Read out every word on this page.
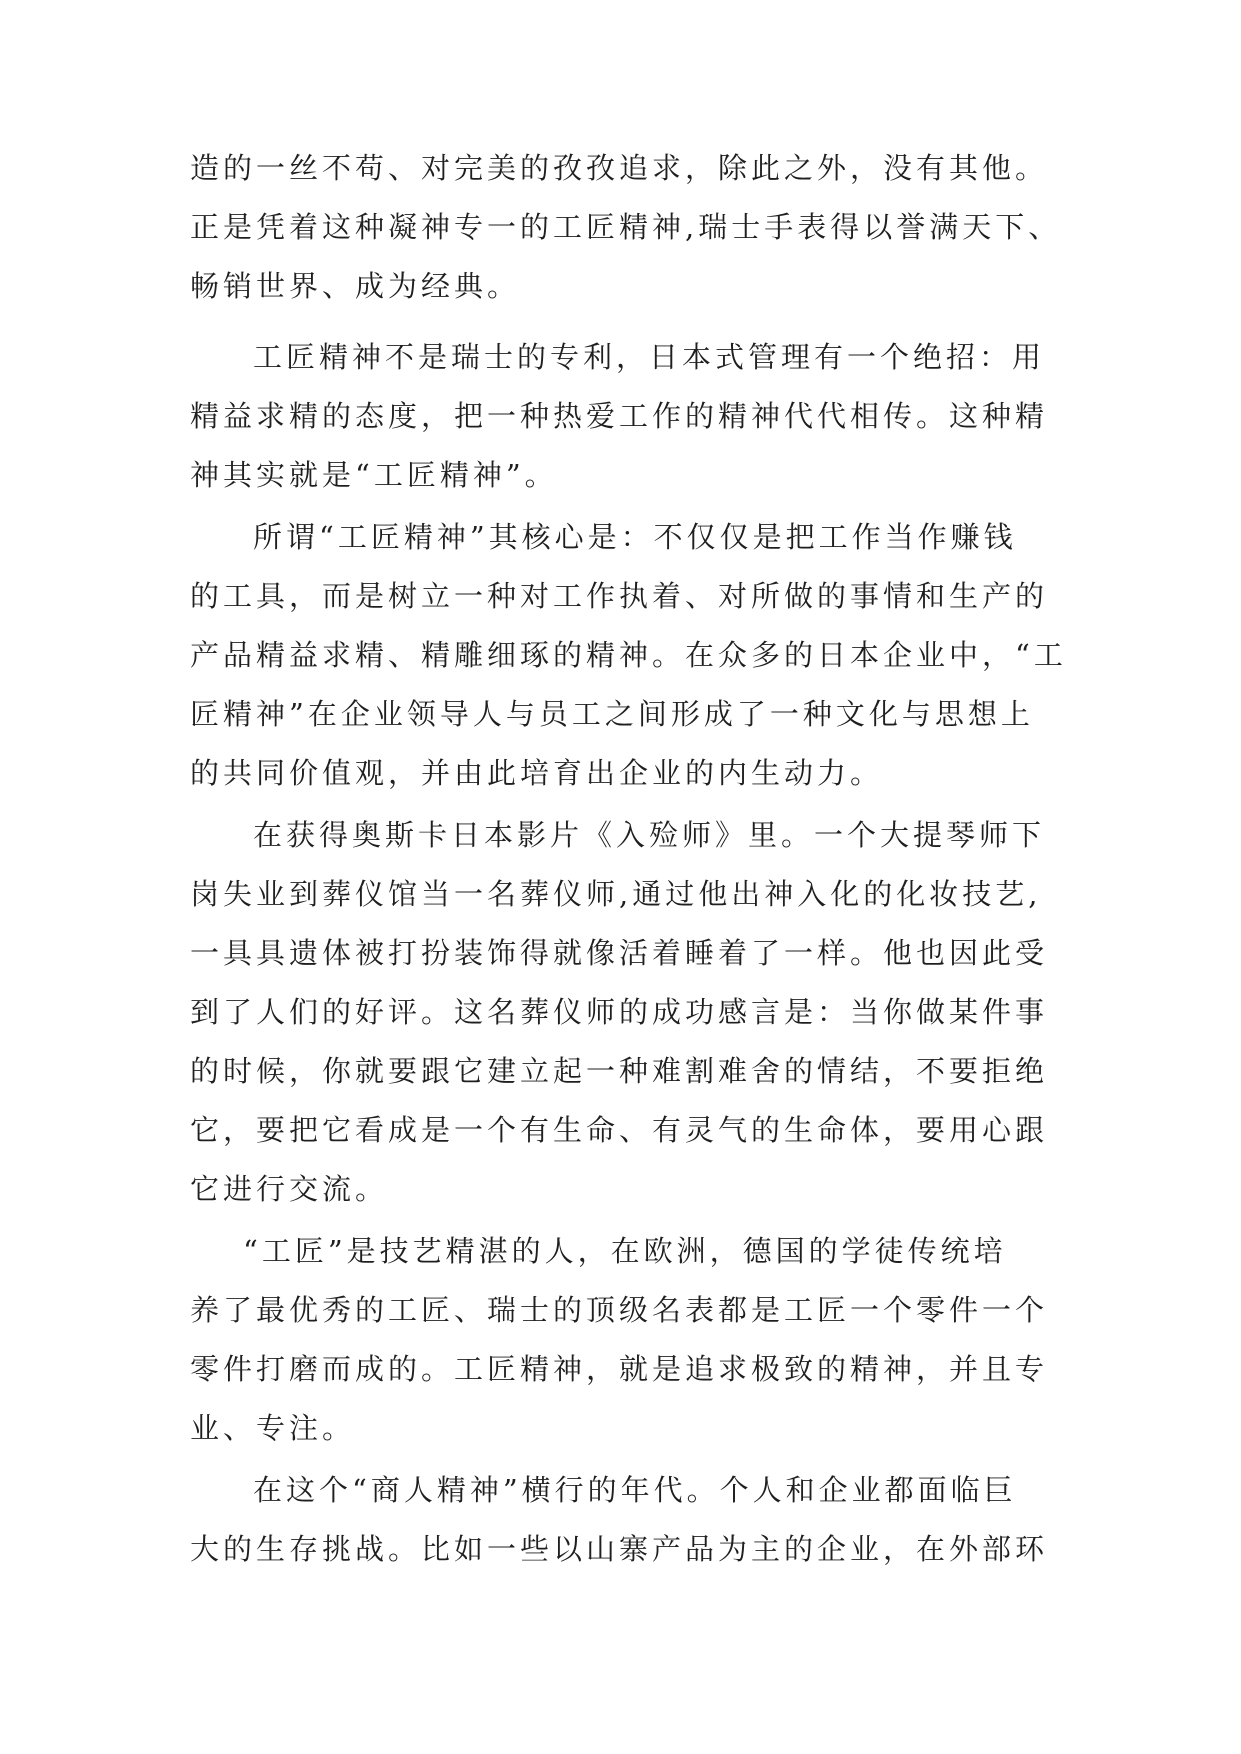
造的一丝不苟、对完美的孜孜追求，除此之外，没有其他。
正是凭着这种凝神专一的工匠精神,瑞士手表得以誉满天下、
畅销世界、成为经典。
工匠精神不是瑞士的专利，日本式管理有一个绝招：用
精益求精的态度，把一种热爱工作的精神代代相传。这种精
神其实就是“工匠精神”。
所谓“工匠精神”其核心是：不仅仅是把工作当作赚钱
的工具，而是树立一种对工作执着、对所做的事情和生产的
产品精益求精、精雕细琢的精神。在众多的日本企业中，“工
匠精神”在企业领导人与员工之间形成了一种文化与思想上
的共同价值观，并由此培育出企业的内生动力。
在获得奥斯卡日本影片《入殓师》里。一个大提琴师下
岗失业到葬仪馆当一名葬仪师,通过他出神入化的化妆技艺,
一具具遗体被打扮装饰得就像活着睡着了一样。他也因此受
到了人们的好评。这名葬仪师的成功感言是：当你做某件事
的时候，你就要跟它建立起一种难割难舍的情结，不要拒绝
它，要把它看成是一个有生命、有灵气的生命体，要用心跟
它进行交流。
“工匠”是技艺精湛的人，在欧洲，德国的学徒传统培
养了最优秀的工匠、瑞士的顶级名表都是工匠一个零件一个
零件打磨而成的。工匠精神，就是追求极致的精神，并且专
业、专注。
在这个“商人精神”横行的年代。个人和企业都面临巨
大的生存挑战。比如一些以山寨产品为主的企业，在外部环
